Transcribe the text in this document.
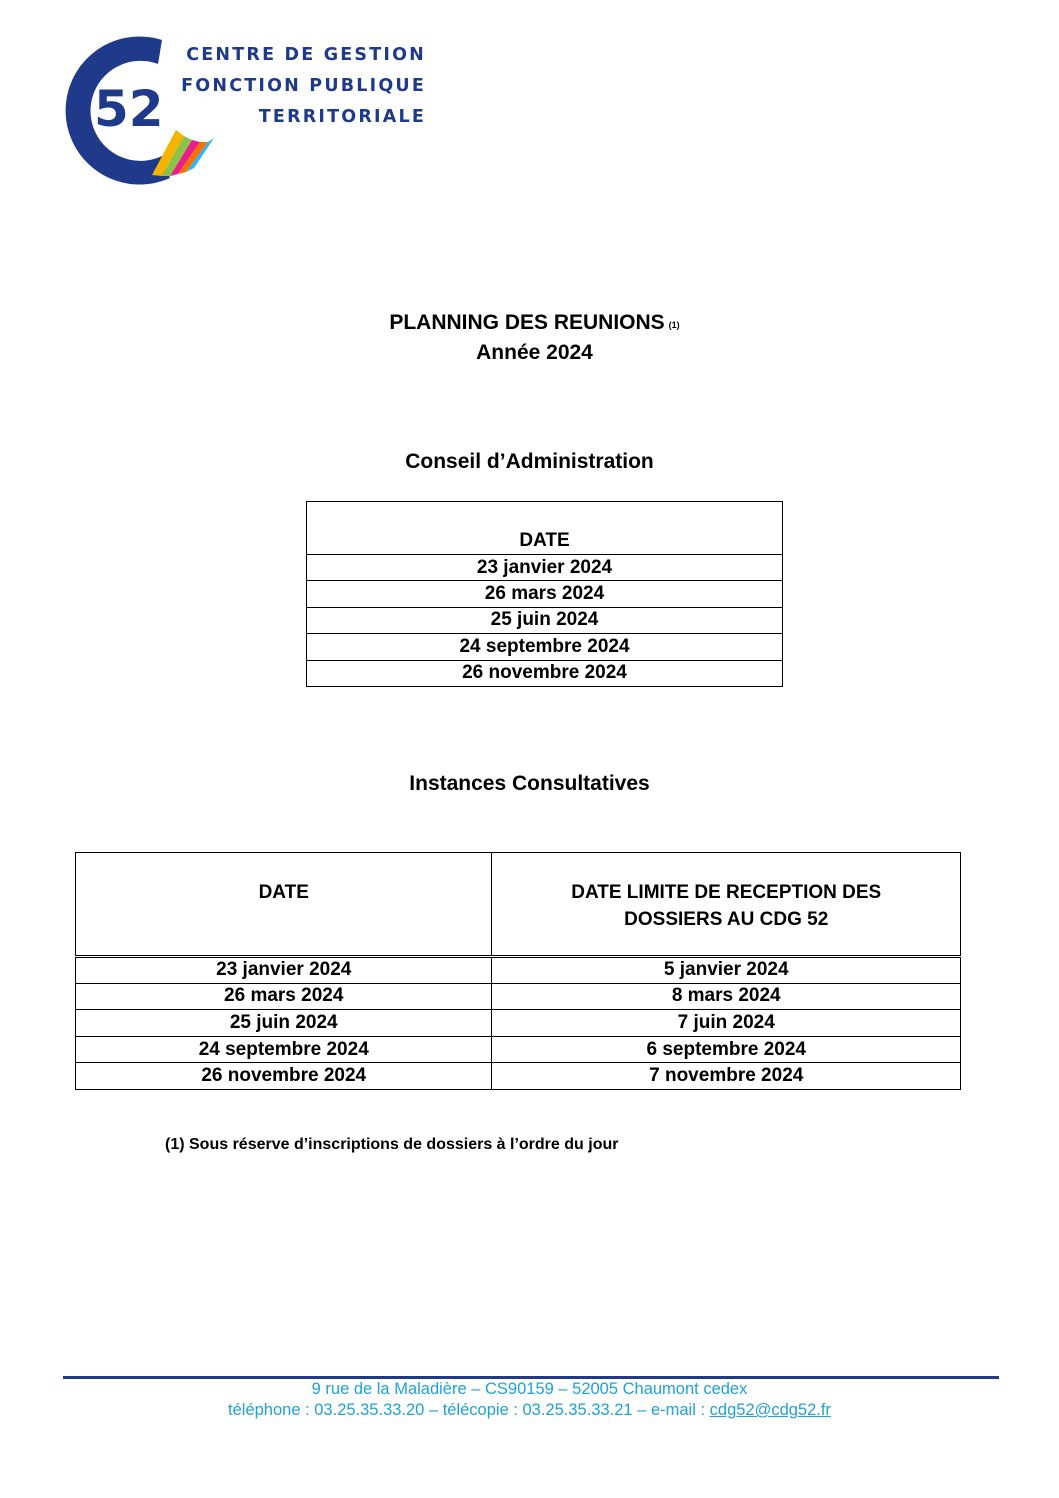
52
CENTRE DE GESTION
FONCTION PUBLIQUE
TERRITORIALE
PLANNING DES REUNIONS $^{(1)}$
Année 2024
Conseil d’Administration
DATE
23 janvier 2024
26 mars 2024
25 juin 2024
24 septembre 2024
26 novembre 2024
Instances Consultatives
DATE	DATE LIMITE DE RECEPTION DES DOSSIERS AU CDG 52
23 janvier 2024	5 janvier 2024
26 mars 2024	8 mars 2024
25 juin 2024	7 juin 2024
24 septembre 2024	6 septembre 2024
26 novembre 2024	7 novembre 2024
(1) Sous réserve d’inscriptions de dossiers à l’ordre du jour
9 rue de la Maladière – CS90159 – 52005 Chaumont cedex
téléphone : 03.25.35.33.20 – télécopie : 03.25.35.33.21 – e-mail : cdg52@cdg52.fr
